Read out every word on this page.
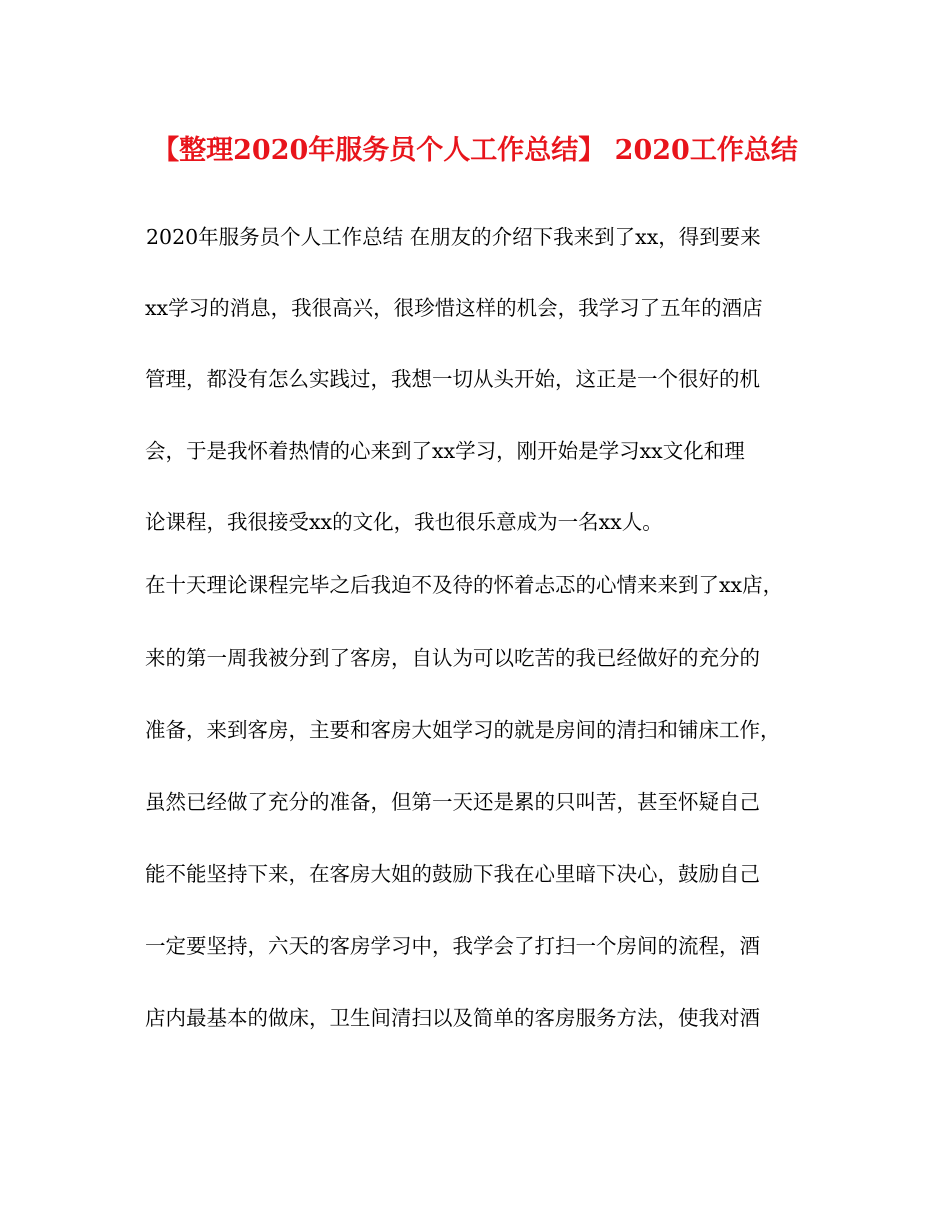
【整理2020年服务员个人工作总结】 2020工作总结
2020年服务员个人工作总结 在朋友的介绍下我来到了xx，得到要来
xx学习的消息，我很高兴，很珍惜这样的机会，我学习了五年的酒店
管理，都没有怎么实践过，我想一切从头开始，这正是一个很好的机
会，于是我怀着热情的心来到了xx学习，刚开始是学习xx文化和理
论课程，我很接受xx的文化，我也很乐意成为一名xx人。
在十天理论课程完毕之后我迫不及待的怀着忐忑的心情来来到了xx店，
来的第一周我被分到了客房，自认为可以吃苦的我已经做好的充分的
准备，来到客房，主要和客房大姐学习的就是房间的清扫和铺床工作，
虽然已经做了充分的准备，但第一天还是累的只叫苦，甚至怀疑自己
能不能坚持下来，在客房大姐的鼓励下我在心里暗下决心，鼓励自己
一定要坚持，六天的客房学习中，我学会了打扫一个房间的流程，酒
店内最基本的做床，卫生间清扫以及简单的客房服务方法，使我对酒
